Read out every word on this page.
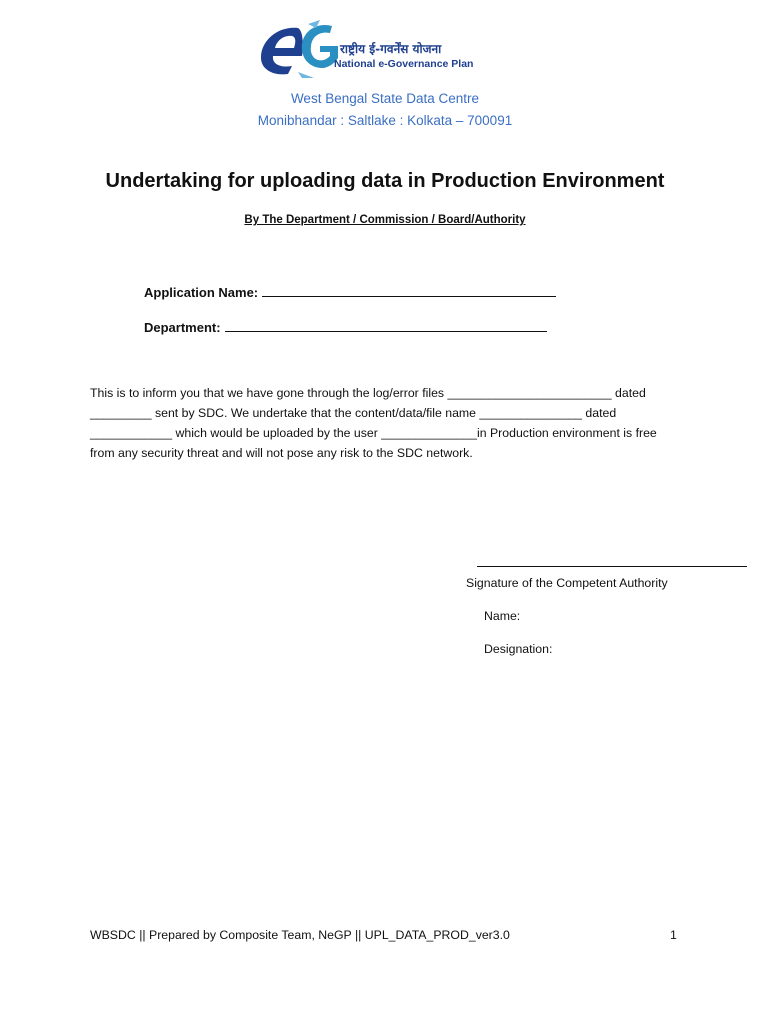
राष्ट्रीय ई-गवर्नेंस योजना
National e-Governance Plan
West Bengal State Data Centre
Monibhandar : Saltlake : Kolkata – 700091
Undertaking for uploading data in Production Environment
By The Department / Commission / Board/Authority
Application Name:
Department:
This is to inform you that we have gone through the log/error files ________________________ dated
_________ sent by SDC. We undertake that the content/data/file name _______________ dated
____________ which would be uploaded by the user ______________in Production environment is free
from any security threat and will not pose any risk to the SDC network.
Signature of the Competent Authority
Name:
Designation:
WBSDC || Prepared by Composite Team, NeGP || UPL_DATA_PROD_ver3.0	1
